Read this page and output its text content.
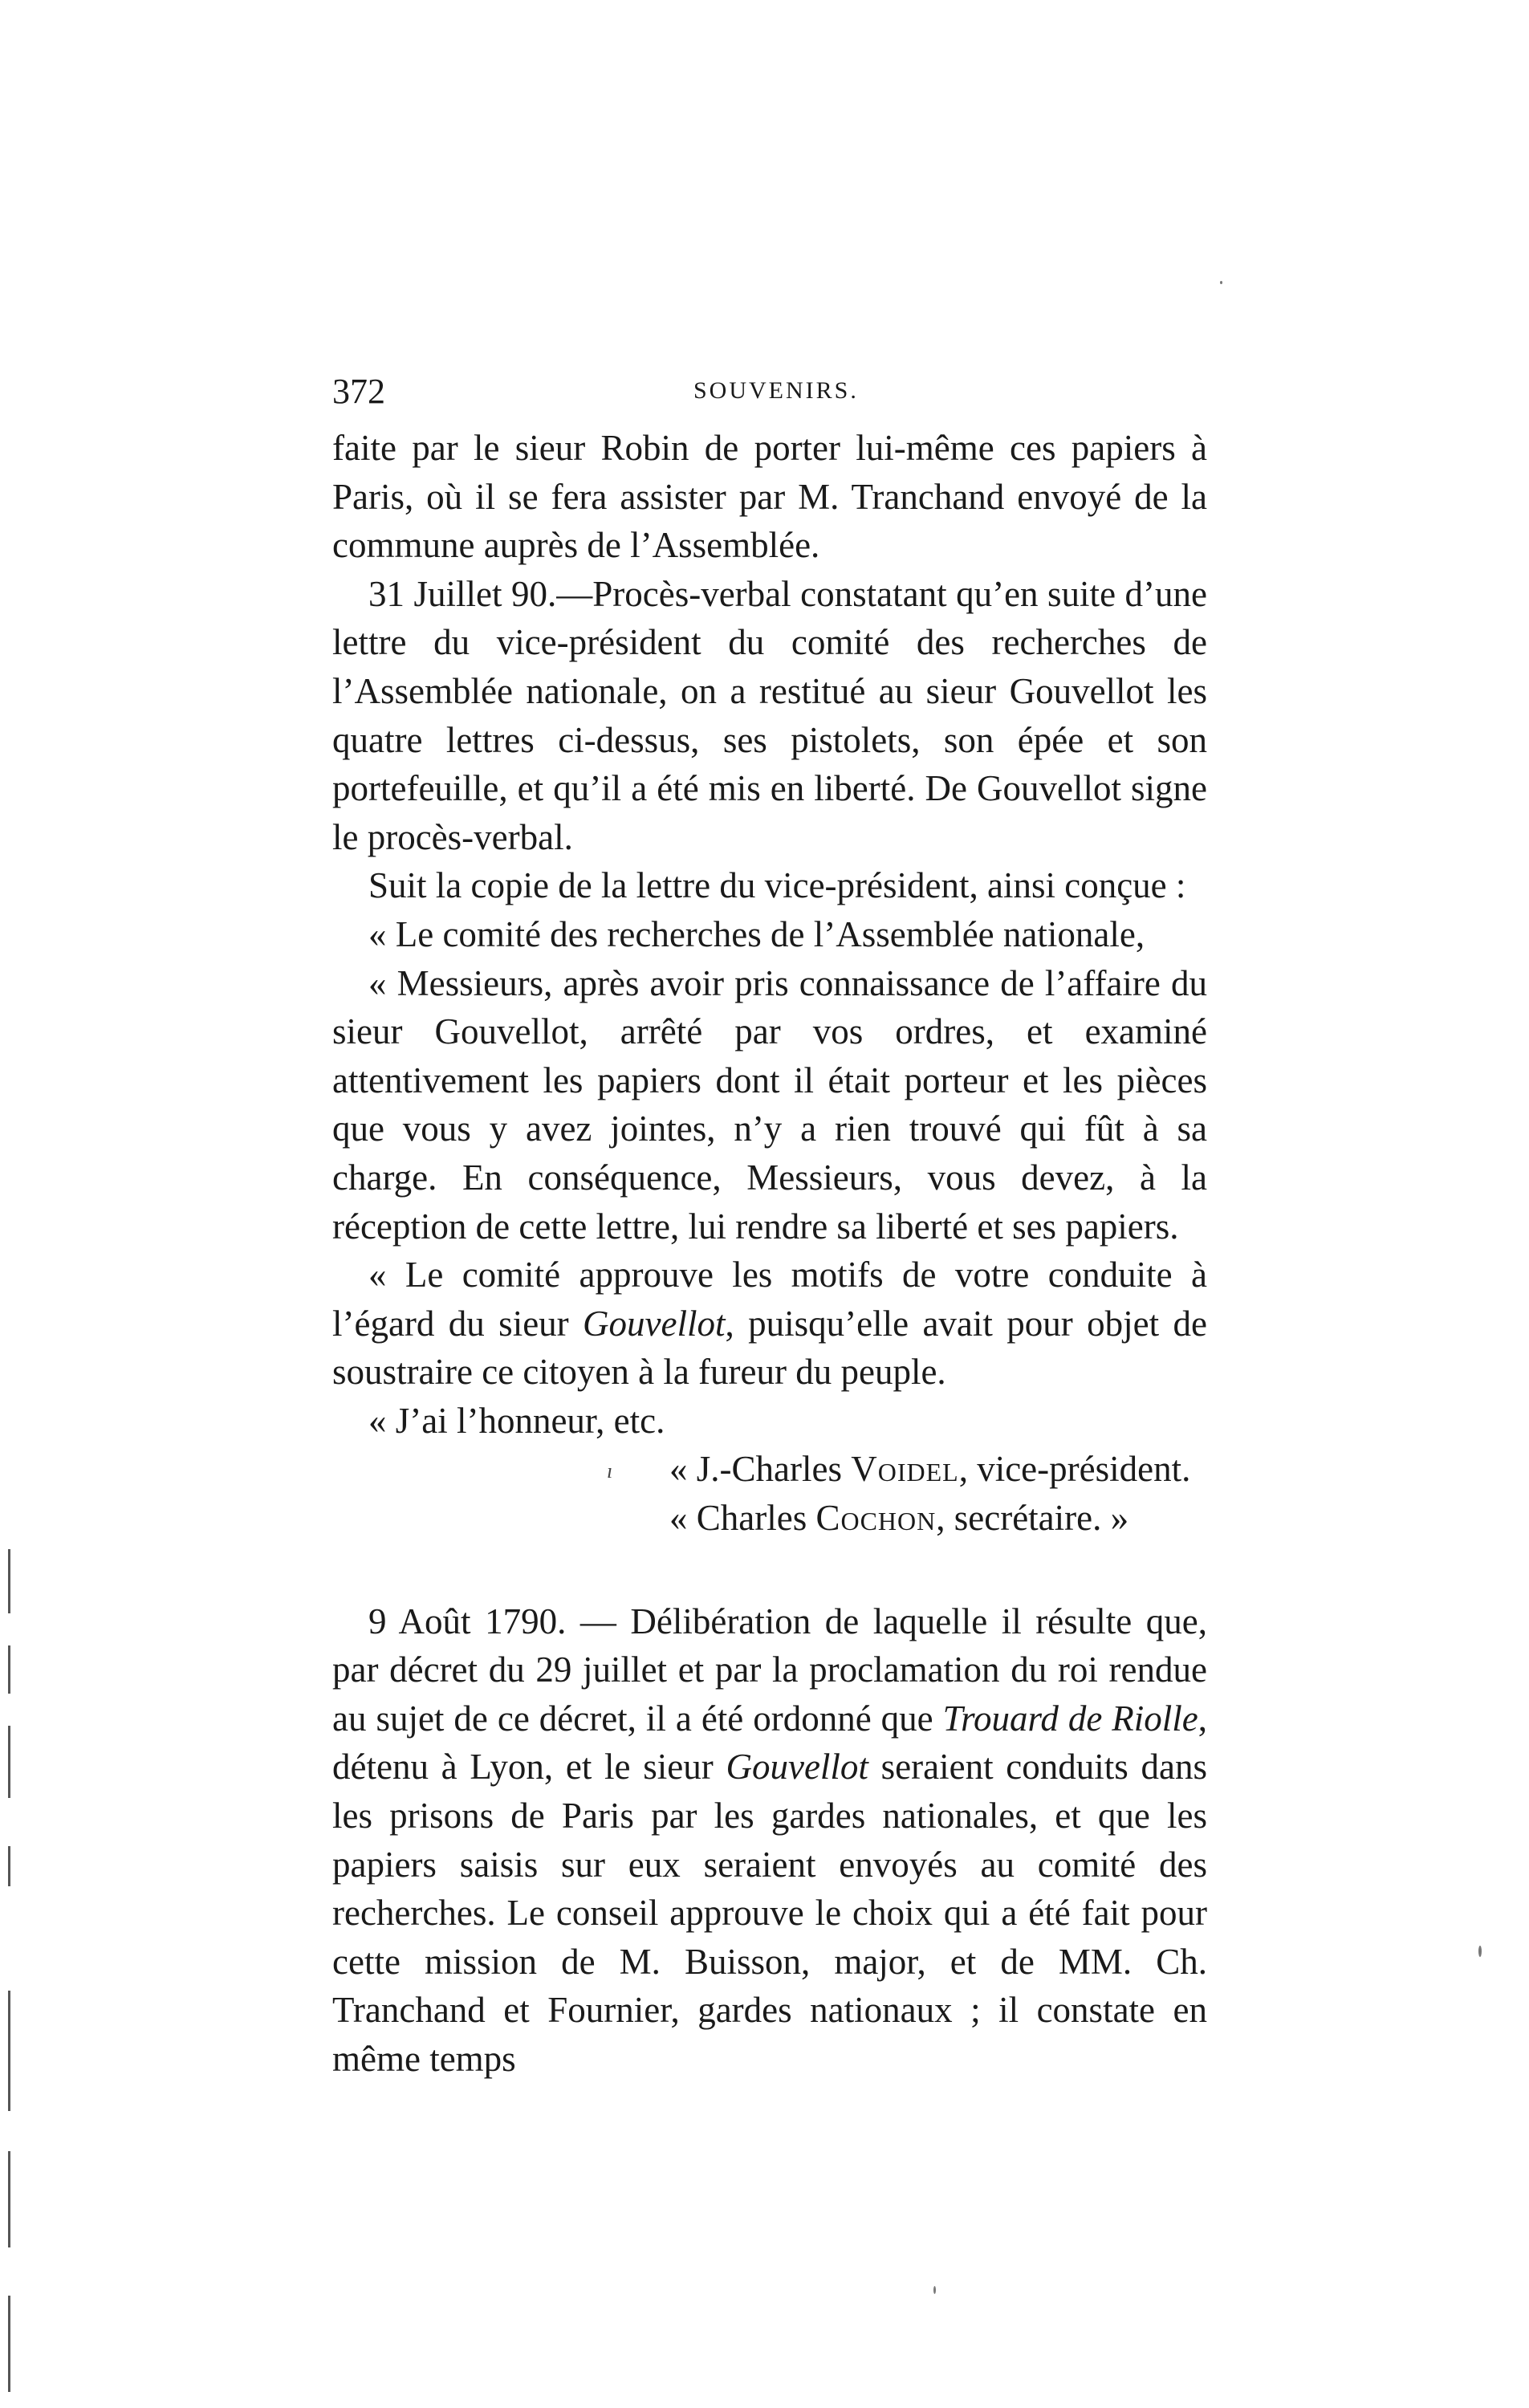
372	SOUVENIRS.

faite par le sieur Robin de porter lui-même ces papiers à Paris, où il se fera assister par M. Tranchand envoyé de la commune auprès de l’Assemblée.

31 Juillet 90.—Procès-verbal constatant qu’en suite d’une lettre du vice-président du comité des recherches de l’Assemblée nationale, on a restitué au sieur Gouvellot les quatre lettres ci-dessus, ses pistolets, son épée et son portefeuille, et qu’il a été mis en liberté. De Gouvellot signe le procès-verbal.

Suit la copie de la lettre du vice-président, ainsi conçue :

« Le comité des recherches de l’Assemblée nationale,

« Messieurs, après avoir pris connaissance de l’affaire du sieur Gouvellot, arrêté par vos ordres, et examiné attentivement les papiers dont il était porteur et les pièces que vous y avez jointes, n’y a rien trouvé qui fût à sa charge. En conséquence, Messieurs, vous devez, à la réception de cette lettre, lui rendre sa liberté et ses papiers.

« Le comité approuve les motifs de votre conduite à l’égard du sieur Gouvellot, puisqu’elle avait pour objet de soustraire ce citoyen à la fureur du peuple.

« J’ai l’honneur, etc.

« J.-Charles Voidel, vice-président.

« Charles Cochon, secrétaire. »

9 Août 1790. — Délibération de laquelle il résulte que, par décret du 29 juillet et par la proclamation du roi rendue au sujet de ce décret, il a été ordonné que Trouard de Riolle, détenu à Lyon, et le sieur Gouvellot seraient conduits dans les prisons de Paris par les gardes nationales, et que les papiers saisis sur eux seraient envoyés au comité des recherches. Le conseil approuve le choix qui a été fait pour cette mission de M. Buisson, major, et de MM. Ch. Tranchand et Fournier, gardes nationaux ; il constate en même temps

ı
